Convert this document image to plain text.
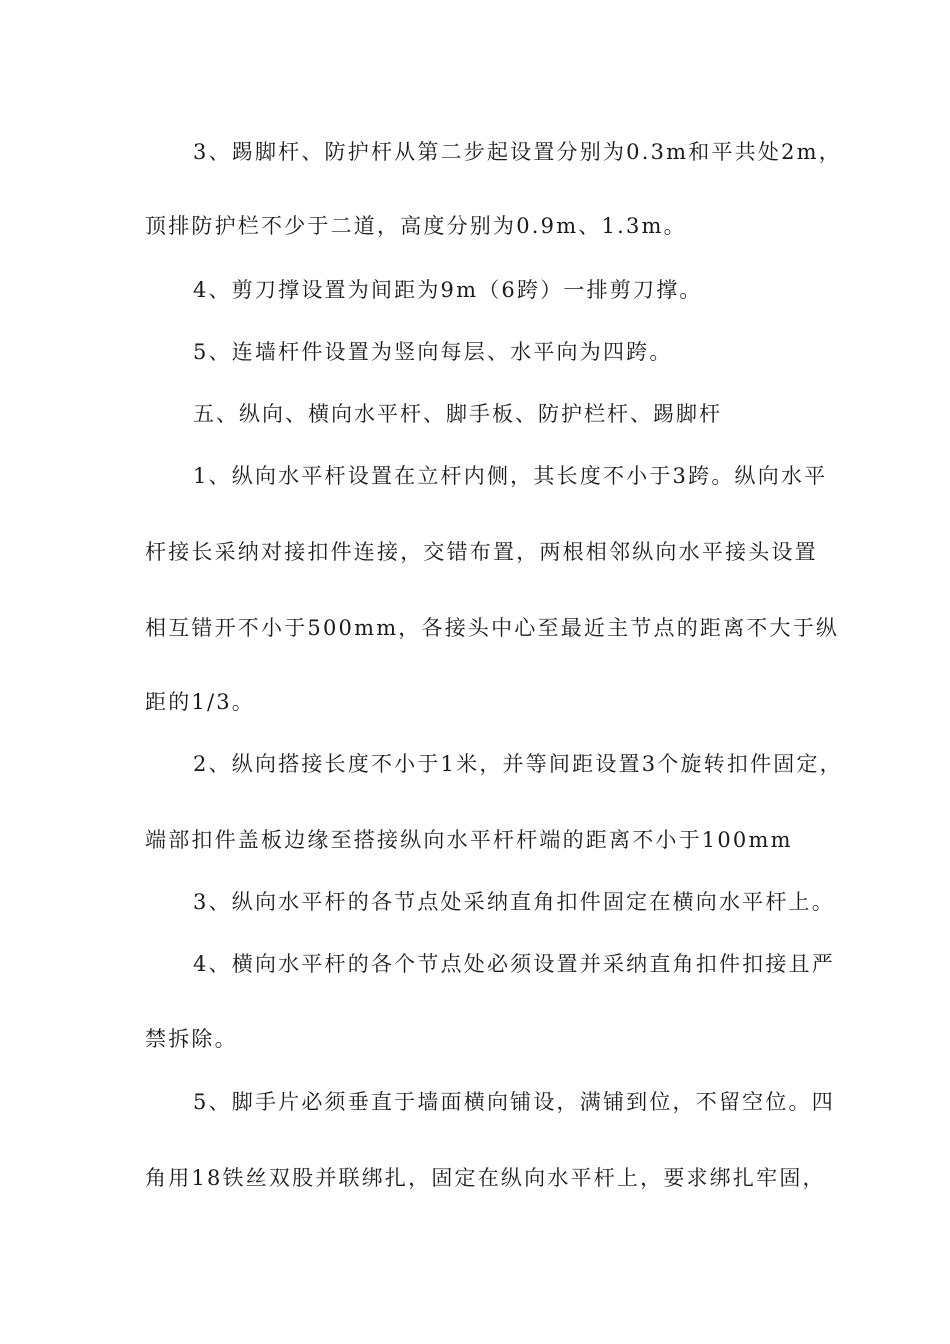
3、踢脚杆、防护杆从第二步起设置分别为0.3m和平共处2m，
顶排防护栏不少于二道，高度分别为0.9m、1.3m。
4、剪刀撑设置为间距为9m（6跨）一排剪刀撑。
5、连墙杆件设置为竖向每层、水平向为四跨。
五、纵向、横向水平杆、脚手板、防护栏杆、踢脚杆
1、纵向水平杆设置在立杆内侧，其长度不小于3跨。纵向水平
杆接长采纳对接扣件连接，交错布置，两根相邻纵向水平接头设置
相互错开不小于500mm，各接头中心至最近主节点的距离不大于纵
距的1/3。
2、纵向搭接长度不小于1米，并等间距设置3个旋转扣件固定，
端部扣件盖板边缘至搭接纵向水平杆杆端的距离不小于100mm
3、纵向水平杆的各节点处采纳直角扣件固定在横向水平杆上。
4、横向水平杆的各个节点处必须设置并采纳直角扣件扣接且严
禁拆除。
5、脚手片必须垂直于墙面横向铺设，满铺到位，不留空位。四
角用18铁丝双股并联绑扎，固定在纵向水平杆上，要求绑扎牢固，
